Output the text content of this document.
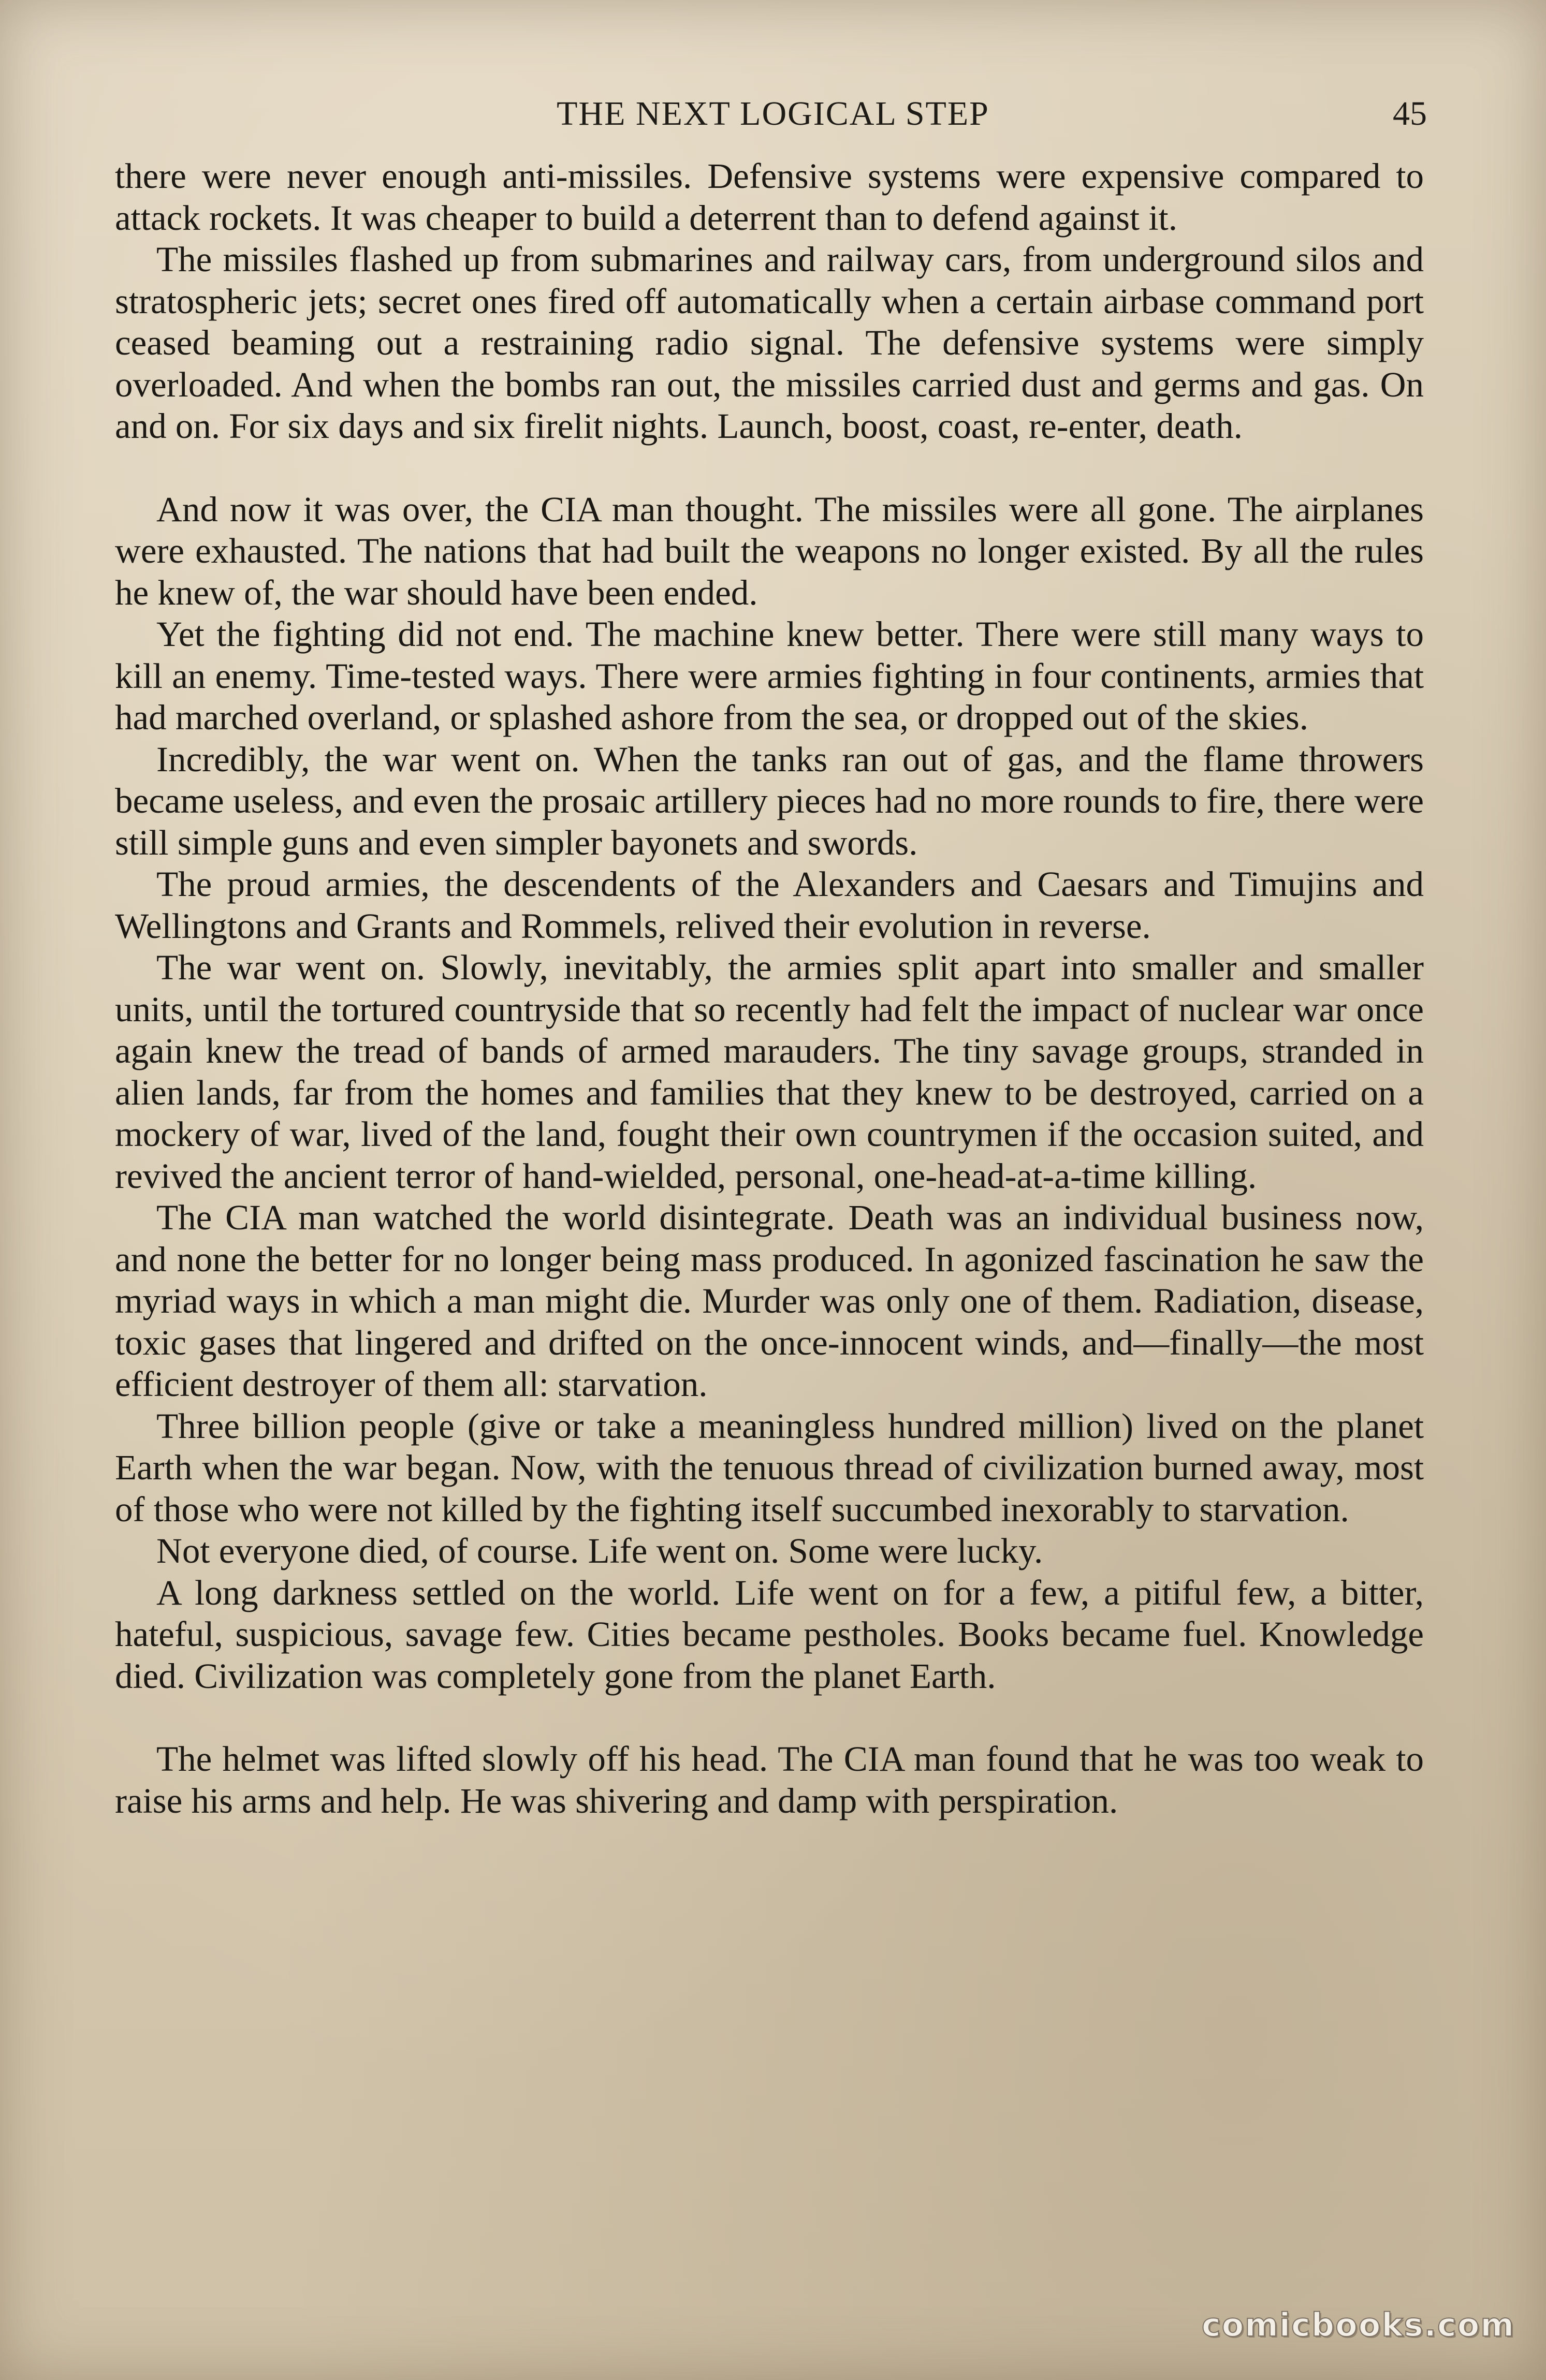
THE NEXT LOGICAL STEP	45

there were never enough anti-missiles. Defensive systems were expensive compared to attack rockets. It was cheaper to build a deterrent than to defend against it.

The missiles flashed up from submarines and railway cars, from underground silos and stratospheric jets; secret ones fired off automatically when a certain airbase command port ceased beaming out a restraining radio signal. The defensive systems were simply overloaded. And when the bombs ran out, the missiles carried dust and germs and gas. On and on. For six days and six firelit nights. Launch, boost, coast, re-enter, death.

And now it was over, the CIA man thought. The missiles were all gone. The airplanes were exhausted. The nations that had built the weapons no longer existed. By all the rules he knew of, the war should have been ended.

Yet the fighting did not end. The machine knew better. There were still many ways to kill an enemy. Time-tested ways. There were armies fighting in four continents, armies that had marched overland, or splashed ashore from the sea, or dropped out of the skies.

Incredibly, the war went on. When the tanks ran out of gas, and the flame throwers became useless, and even the prosaic artillery pieces had no more rounds to fire, there were still simple guns and even simpler bayonets and swords.

The proud armies, the descendents of the Alexanders and Caesars and Timujins and Wellingtons and Grants and Rommels, relived their evolution in reverse.

The war went on. Slowly, inevitably, the armies split apart into smaller and smaller units, until the tortured countryside that so recently had felt the impact of nuclear war once again knew the tread of bands of armed marauders. The tiny savage groups, stranded in alien lands, far from the homes and families that they knew to be destroyed, carried on a mockery of war, lived of the land, fought their own countrymen if the occasion suited, and revived the ancient terror of hand-wielded, personal, one-head-at-a-time killing.

The CIA man watched the world disintegrate. Death was an individual business now, and none the better for no longer being mass produced. In agonized fascination he saw the myriad ways in which a man might die. Murder was only one of them. Radiation, disease, toxic gases that lingered and drifted on the once-innocent winds, and—finally—the most efficient destroyer of them all: starvation.

Three billion people (give or take a meaningless hundred million) lived on the planet Earth when the war began. Now, with the tenuous thread of civilization burned away, most of those who were not killed by the fighting itself succumbed inexorably to starvation.

Not everyone died, of course. Life went on. Some were lucky.

A long darkness settled on the world. Life went on for a few, a pitiful few, a bitter, hateful, suspicious, savage few. Cities became pestholes. Books became fuel. Knowledge died. Civilization was completely gone from the planet Earth.

The helmet was lifted slowly off his head. The CIA man found that he was too weak to raise his arms and help. He was shivering and damp with perspiration.

comicbooks.com
